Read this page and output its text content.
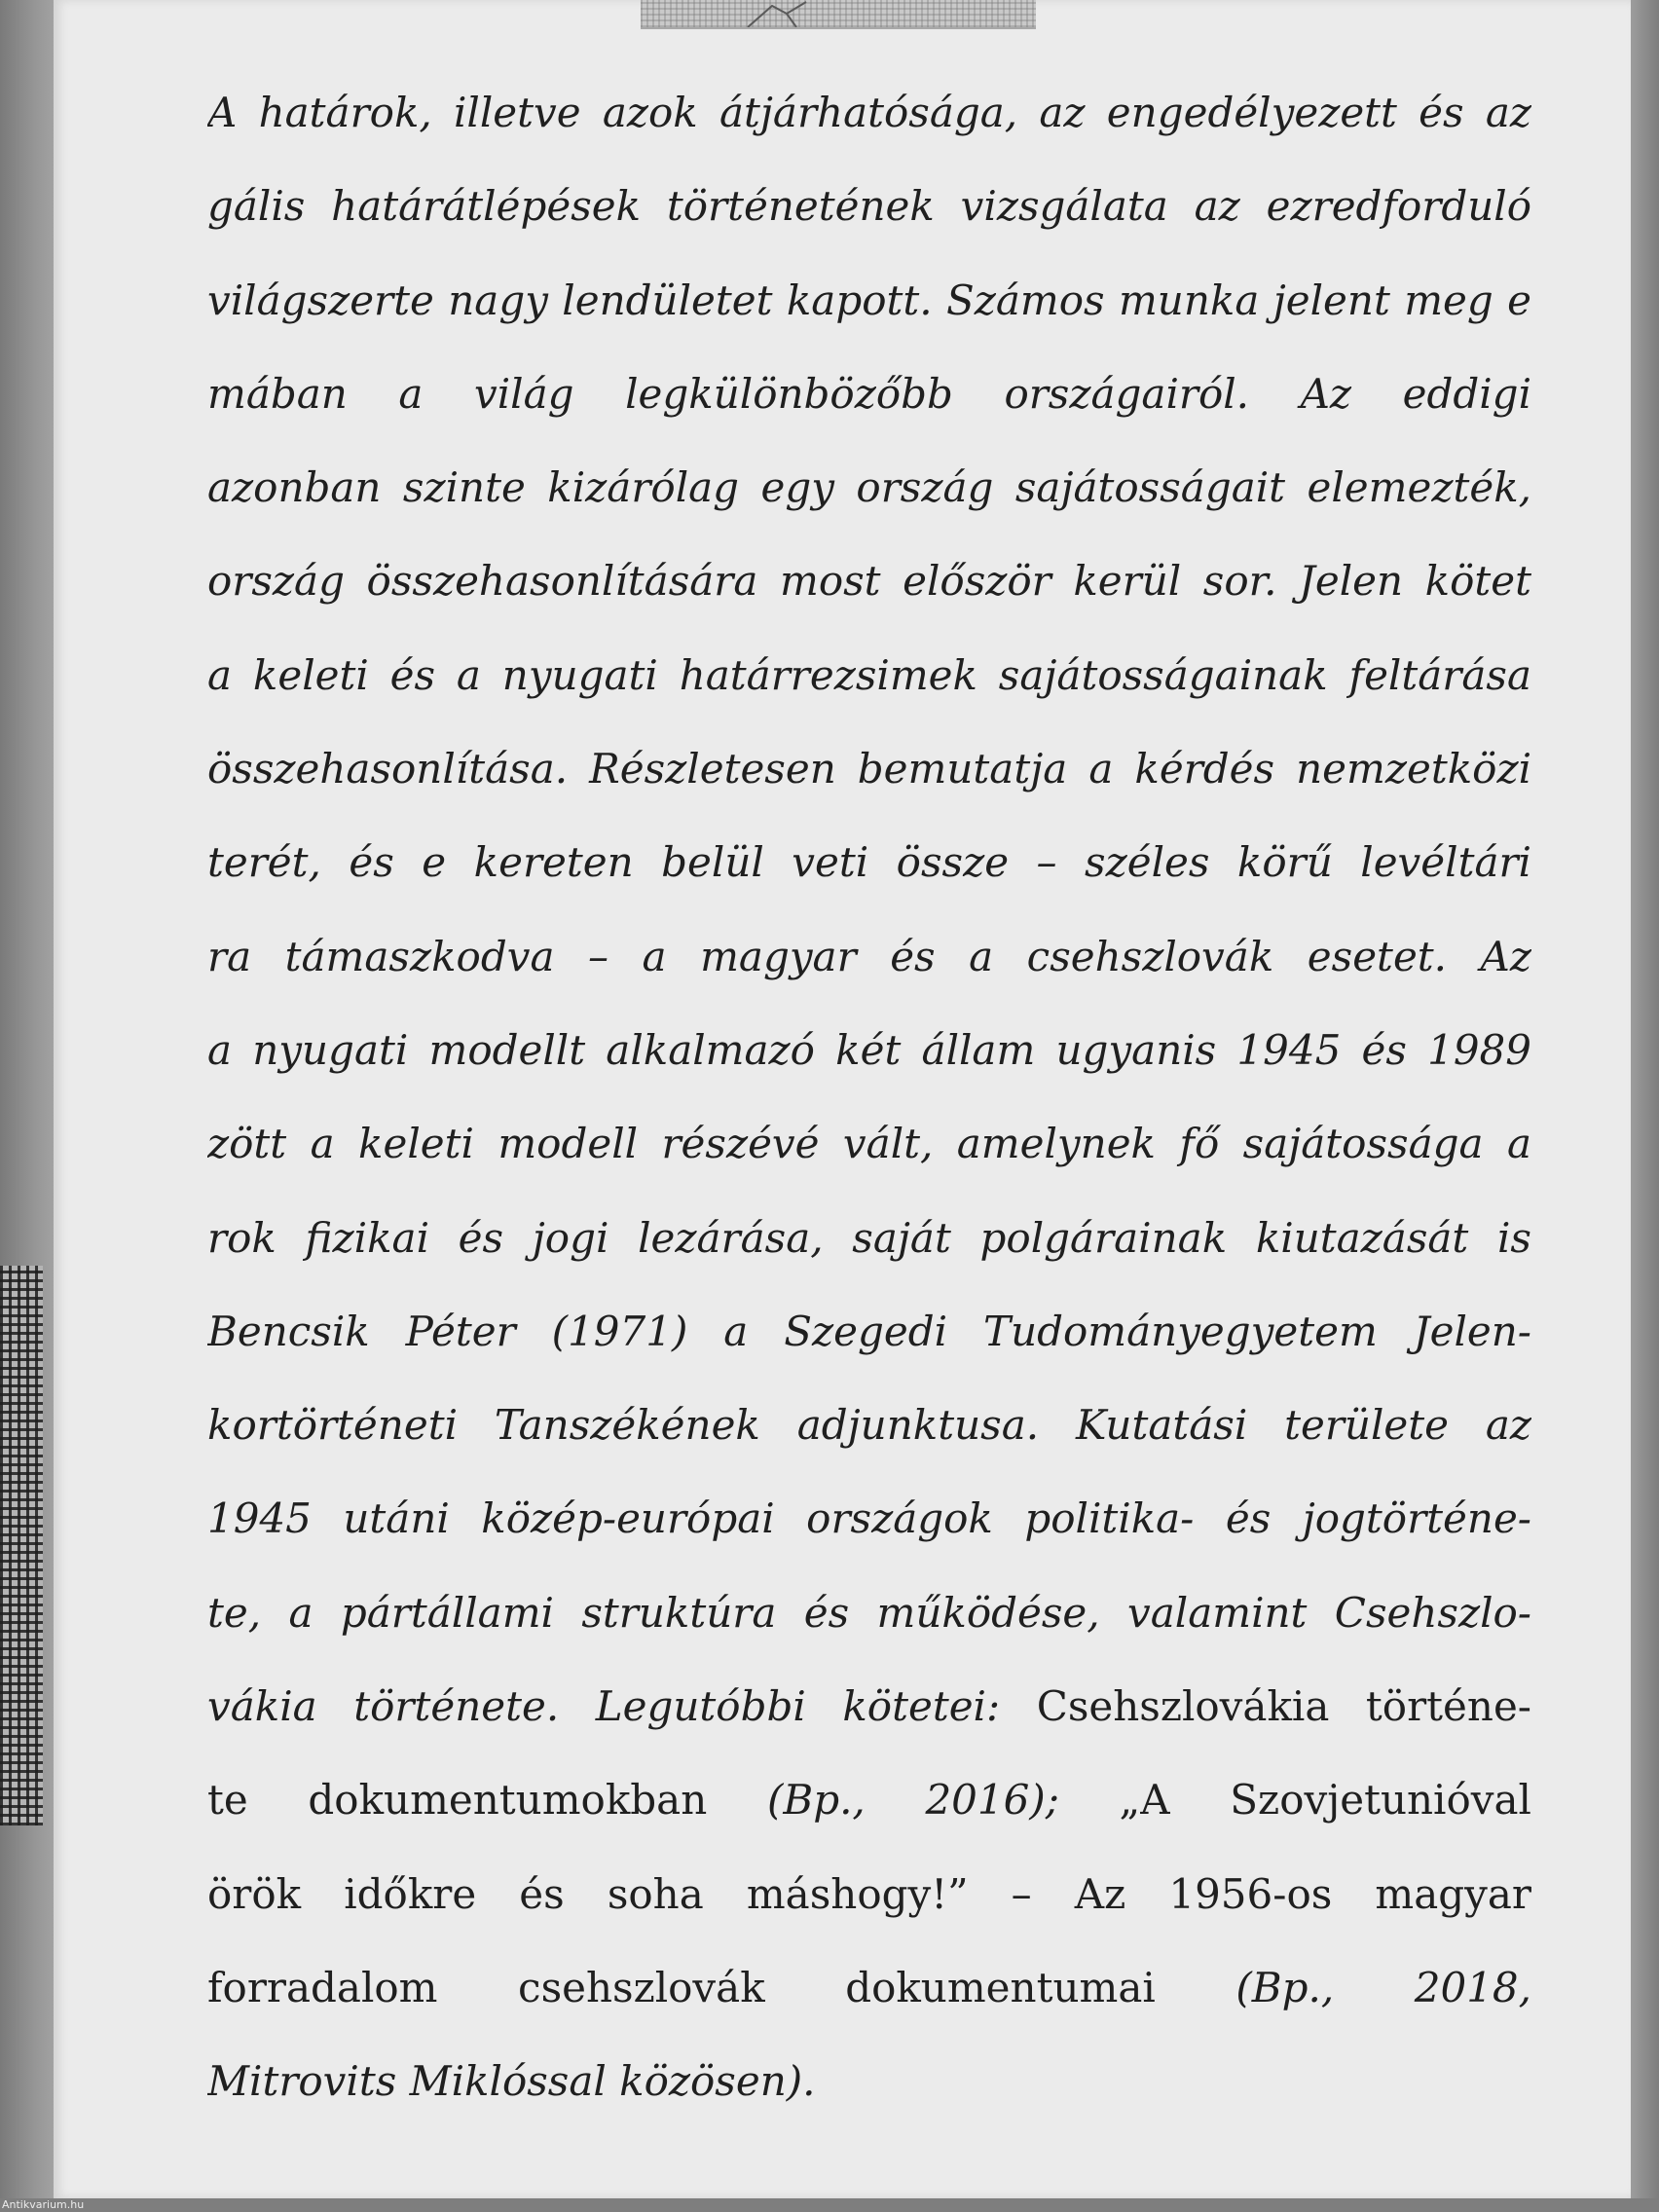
A határok, illetve azok átjárhatósága, az engedélyezett és az
gális határátlépések történetének vizsgálata az ezredforduló
világszerte nagy lendületet kapott. Számos munka jelent meg e
mában a világ legkülönbözőbb országairól. Az eddigi
azonban szinte kizárólag egy ország sajátosságait elemezték,
ország összehasonlítására most először kerül sor. Jelen kötet
a keleti és a nyugati határrezsimek sajátosságainak feltárása
összehasonlítása. Részletesen bemutatja a kérdés nemzetközi
terét, és e kereten belül veti össze – széles körű levéltári
ra támaszkodva – a magyar és a csehszlovák esetet. Az
a nyugati modellt alkalmazó két állam ugyanis 1945 és 1989
zött a keleti modell részévé vált, amelynek fő sajátossága a
rok fizikai és jogi lezárása, saját polgárainak kiutazását is
Bencsik Péter (1971) a Szegedi Tudományegyetem Jelen-
kortörténeti Tanszékének adjunktusa. Kutatási területe az
1945 utáni közép-európai országok politika- és jogtörténe-
te, a pártállami struktúra és működése, valamint Csehszlo-
vákia története. Legutóbbi kötetei: Csehszlovákia történe-
te dokumentumokban (Bp., 2016); „A Szovjetunióval
örök időkre és soha máshogy!” – Az 1956-os magyar
forradalom csehszlovák dokumentumai (Bp., 2018,
Mitrovits Miklóssal közösen).
Antikvarium.hu
